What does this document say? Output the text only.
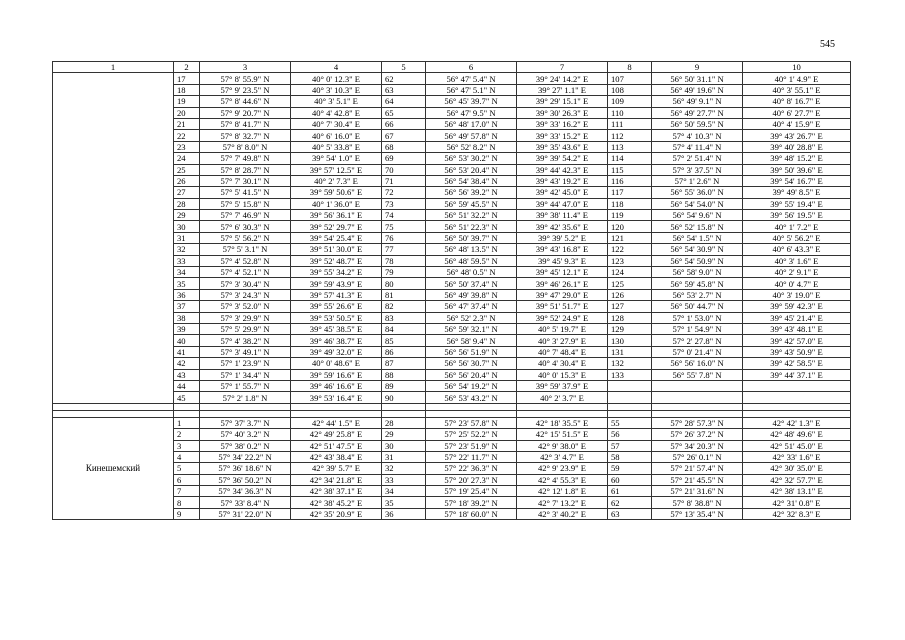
545
1	2	3	4	5	6	7	8	9	10
	17	57° 8' 55.9" N	40° 0' 12.3" E	62	56° 47' 5.4" N	39° 24' 14.2" E	107	56° 50' 31.1" N	40° 1' 4.9" E
	18	57° 9' 23.5" N	40° 3' 10.3" E	63	56° 47' 5.1" N	39° 27' 1.1" E	108	56° 49' 19.6" N	40° 3' 55.1" E
	19	57° 8' 44.6" N	40° 3' 5.1" E	64	56° 45' 39.7" N	39° 29' 15.1" E	109	56° 49' 9.1" N	40° 8' 16.7" E
	20	57° 9' 20.7" N	40° 4' 42.8" E	65	56° 47' 9.5" N	39° 30' 26.3" E	110	56° 49' 27.7" N	40° 6' 27.7" E
	21	57° 8' 41.7" N	40° 7' 30.4" E	66	56° 48' 17.0" N	39° 33' 16.2" E	111	56° 50' 59.5" N	40° 4' 15.9" E
	22	57° 8' 32.7" N	40° 6' 16.0" E	67	56° 49' 57.8" N	39° 33' 15.2" E	112	57° 4' 10.3" N	39° 43' 26.7" E
	23	57° 8' 8.0" N	40° 5' 33.8" E	68	56° 52' 8.2" N	39° 35' 43.6" E	113	57° 4' 11.4" N	39° 40' 28.8" E
	24	57° 7' 49.8" N	39° 54' 1.0" E	69	56° 53' 30.2" N	39° 39' 54.2" E	114	57° 2' 51.4" N	39° 48' 15.2" E
	25	57° 8' 28.7" N	39° 57' 12.5" E	70	56° 53' 20.4" N	39° 44' 42.3" E	115	57° 3' 37.5" N	39° 50' 39.6" E
	26	57° 7' 30.1" N	40° 2' 7.3" E	71	56° 54' 38.4" N	39° 43' 19.2" E	116	57° 1' 2.6" N	39° 54' 16.7" E
	27	57° 5' 41.5" N	39° 59' 50.6" E	72	56° 56' 39.2" N	39° 42' 45.0" E	117	56° 55' 36.0" N	39° 49' 8.5" E
	28	57° 5' 15.8" N	40° 1' 36.0" E	73	56° 59' 45.5" N	39° 44' 47.0" E	118	56° 54' 54.0" N	39° 55' 19.4" E
	29	57° 7' 46.9" N	39° 56' 36.1" E	74	56° 51' 32.2" N	39° 38' 11.4" E	119	56° 54' 9.6" N	39° 56' 19.5" E
	30	57° 6' 30.3" N	39° 52' 29.7" E	75	56° 51' 22.3" N	39° 42' 35.6" E	120	56° 52' 15.8" N	40° 1' 7.2" E
	31	57° 5' 56.2" N	39° 54' 25.4" E	76	56° 50' 39.7" N	39° 39' 5.2" E	121	56° 54' 1.5" N	40° 5' 56.2" E
	32	57° 5' 3.1" N	39° 51' 30.0" E	77	56° 48' 13.5" N	39° 43' 16.8" E	122	56° 54' 30.9" N	40° 6' 43.3" E
	33	57° 4' 52.8" N	39° 52' 48.7" E	78	56° 48' 59.5" N	39° 45' 9.3" E	123	56° 54' 50.9" N	40° 3' 1.6" E
	34	57° 4' 52.1" N	39° 55' 34.2" E	79	56° 48' 0.5" N	39° 45' 12.1" E	124	56° 58' 9.0" N	40° 2' 9.1" E
	35	57° 3' 30.4" N	39° 59' 43.9" E	80	56° 50' 37.4" N	39° 46' 26.1" E	125	56° 59' 45.8" N	40° 0' 4.7" E
	36	57° 3' 24.3" N	39° 57' 41.3" E	81	56° 49' 39.8" N	39° 47' 29.0" E	126	56° 53' 2.7" N	40° 3' 19.0" E
	37	57° 3' 52.0" N	39° 55' 26.6" E	82	56° 47' 37.4" N	39° 51' 51.7" E	127	56° 50' 44.7" N	39° 59' 42.3" E
	38	57° 3' 29.9" N	39° 53' 50.5" E	83	56° 52' 2.3" N	39° 52' 24.9" E	128	57° 1' 53.0" N	39° 45' 21.4" E
	39	57° 5' 29.9" N	39° 45' 38.5" E	84	56° 59' 32.1" N	40° 5' 19.7" E	129	57° 1' 54.9" N	39° 43' 48.1" E
	40	57° 4' 38.2" N	39° 46' 38.7" E	85	56° 58' 9.4" N	40° 3' 27.9" E	130	57° 2' 27.8" N	39° 42' 57.0" E
	41	57° 3' 49.1" N	39° 49' 32.0" E	86	56° 56' 51.9" N	40° 7' 48.4" E	131	57° 0' 21.4" N	39° 43' 50.9" E
	42	57° 1' 23.9" N	40° 0' 48.6" E	87	56° 56' 30.7" N	40° 4' 30.4" E	132	56° 56' 16.0" N	39° 42' 58.5" E
	43	57° 1' 34.4" N	39° 59' 16.6" E	88	56° 56' 20.4" N	40° 0' 15.3" E	133	56° 55' 7.8" N	39° 44' 37.1" E
	44	57° 1' 55.7" N	39° 46' 16.6" E	89	56° 54' 19.2" N	39° 59' 37.9" E			
	45	57° 2' 1.8" N	39° 53' 16.4" E	90	56° 53' 43.2" N	40° 2' 3.7" E			

Кинешемский	1	57° 37' 3.7" N	42° 44' 1.5" E	28	57° 23' 57.8" N	42° 18' 35.5" E	55	57° 28' 57.3" N	42° 42' 1.3" E
	2	57° 40' 3.2" N	42° 49' 25.8" E	29	57° 25' 52.2" N	42° 15' 51.5" E	56	57° 26' 37.2" N	42° 48' 49.6" E
	3	57° 38' 0.2" N	42° 51' 47.5" E	30	57° 23' 51.9" N	42° 9' 38.0" E	57	57° 34' 20.3" N	42° 51' 45.0" E
	4	57° 34' 22.2" N	42° 43' 38.4" E	31	57° 22' 11.7" N	42° 3' 4.7" E	58	57° 26' 0.1" N	42° 33' 1.6" E
	5	57° 36' 18.6" N	42° 39' 5.7" E	32	57° 22' 36.3" N	42° 9' 23.9" E	59	57° 21' 57.4" N	42° 30' 35.0" E
	6	57° 36' 50.2" N	42° 34' 21.8" E	33	57° 20' 27.3" N	42° 4' 55.3" E	60	57° 21' 45.5" N	42° 32' 57.7" E
	7	57° 34' 36.3" N	42° 38' 37.1" E	34	57° 19' 25.4" N	42° 12' 1.8" E	61	57° 21' 31.6" N	42° 38' 13.1" E
	8	57° 33' 8.4" N	42° 38' 45.2" E	35	57° 18' 39.2" N	42° 7' 13.2" E	62	57° 8' 38.8" N	42° 31' 0.8" E
	9	57° 31' 22.0" N	42° 35' 20.9" E	36	57° 18' 60.0" N	42° 3' 40.2" E	63	57° 13' 35.4" N	42° 32' 8.3" E
